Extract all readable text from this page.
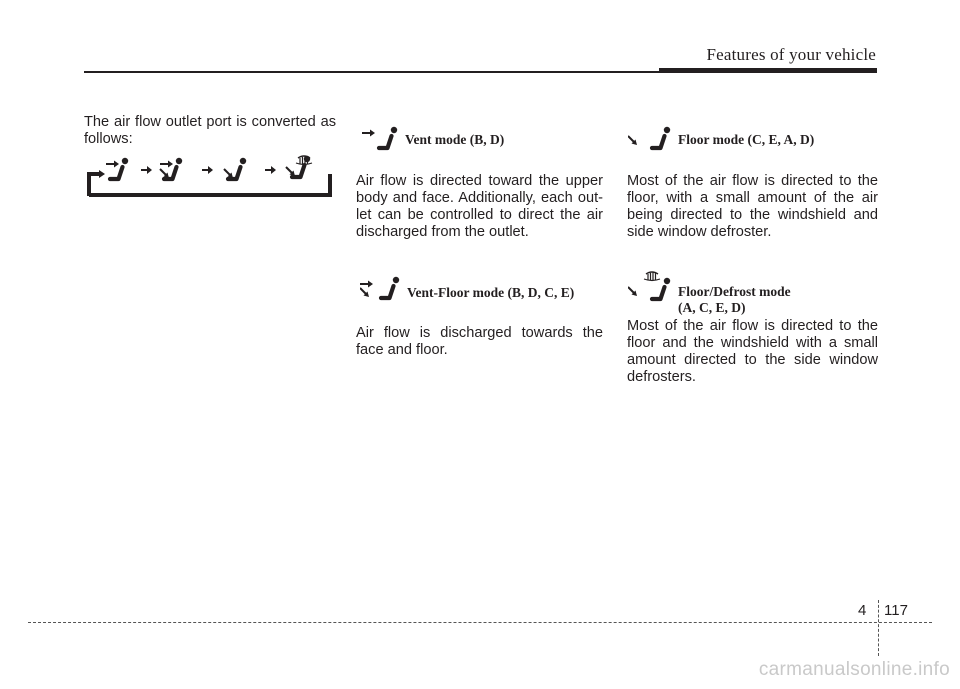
Features of your vehicle
The air flow outlet port is converted as follows:	Vent mode (B, D)
Air flow is directed toward the upper body and face. Additionally, each out-let can be controlled to direct the air discharged from the outlet.
Vent-Floor mode (B, D, C, E)
Air flow is discharged towards the face and floor.
Floor mode (C, E, A, D)
Most of the air flow is directed to the floor, with a small amount of the air being directed to the windshield and side window defroster.
Floor/Defrost mode
(A, C, E, D)
Most of the air flow is directed to the floor and the windshield with a small amount directed to the side window defrosters.
4 117
carmanualsonline.info
